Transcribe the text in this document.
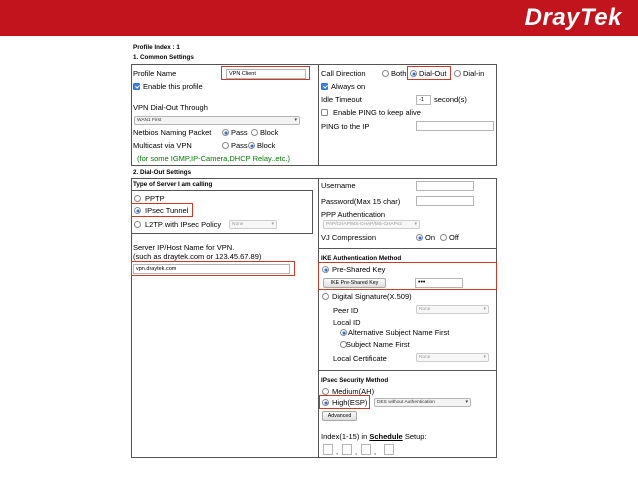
DrayTek
Profile Index : 1
1. Common Settings
Profile Name	VPN Client
Enable this profile
VPN Dial-Out Through
WAN1 First	▾
Netbios Naming Packet	Pass Block
Multicast via VPN	Pass Block
(for some IGMP,IP-Camera,DHCP Relay..etc.)
Call Direction	Both Dial-Out Dial-in
Always on
Idle Timeout	-1	second(s)
Enable PING to keep alive
PING to the IP
2. Dial-Out Settings
Type of Server I am calling
PPTP
IPsec Tunnel
L2TP with IPsec Policy	None	▾
Server IP/Host Name for VPN.
(such as draytek.com or 123.45.67.89)
vpn.draytek.com
Username
Password(Max 15 char)
PPP Authentication
PAP/CHAP/MS-CHAP/MS-CHAPv2	▾
VJ Compression	On Off
IKE Authentication Method
Pre-Shared Key
IKE Pre-Shared Key	•••
Digital Signature(X.509)
Peer ID	None	▾
Local ID
Alternative Subject Name First
Subject Name First
Local Certificate	None	▾
IPsec Security Method
Medium(AH)
High(ESP)	DES without Authentication	▾
Advanced
Index(1-15) in Schedule Setup:
, , ,
